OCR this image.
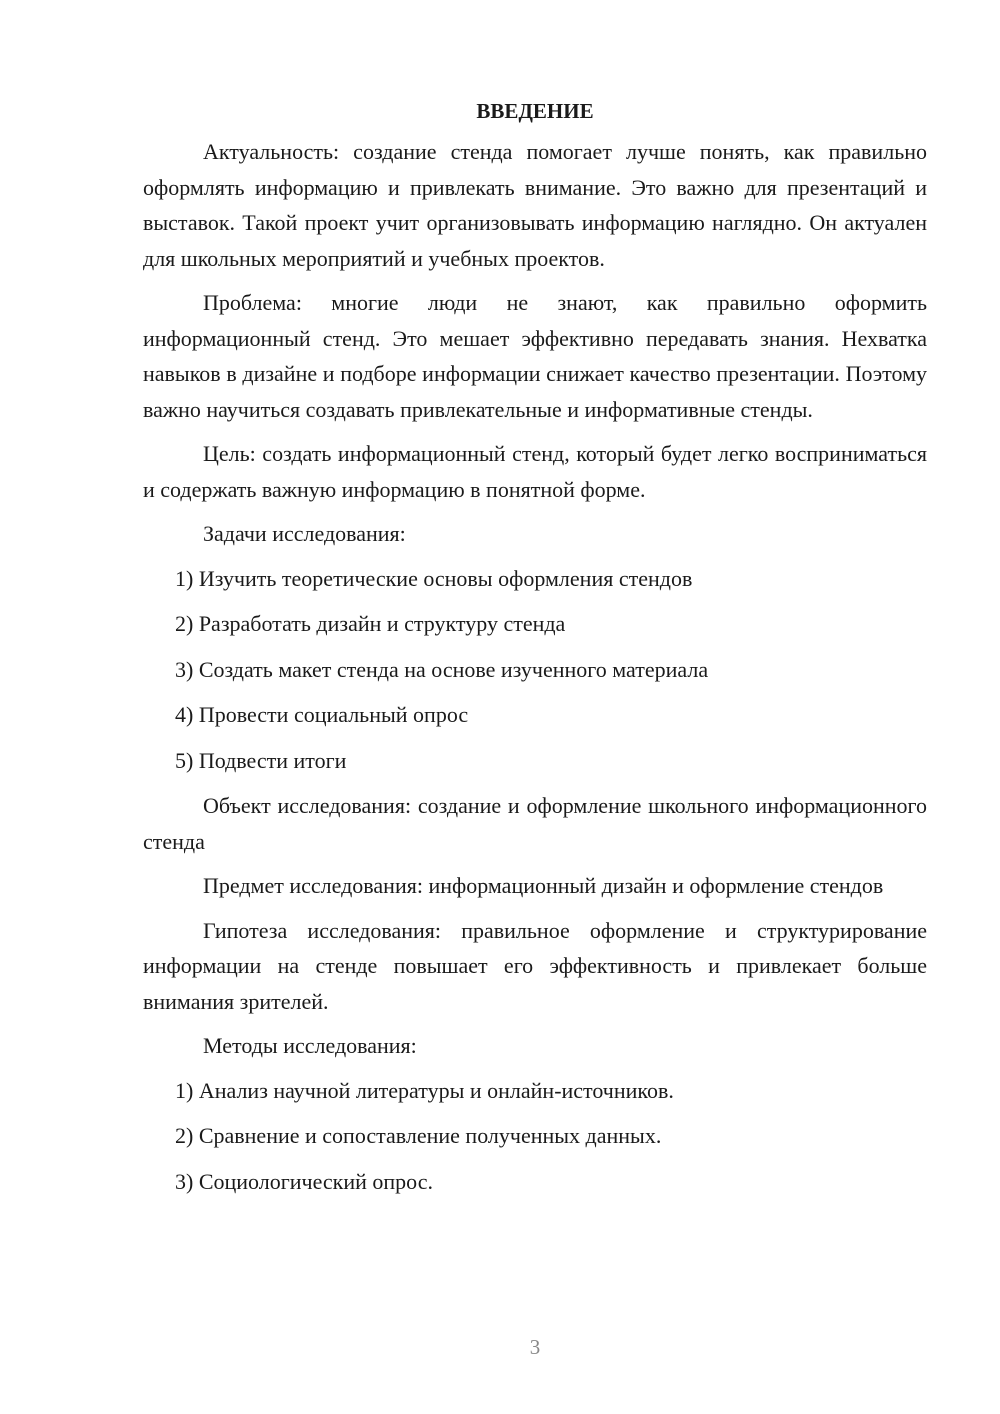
ВВЕДЕНИЕ

Актуальность: создание стенда помогает лучше понять, как правильно оформлять информацию и привлекать внимание. Это важно для презентаций и выставок. Такой проект учит организовывать информацию наглядно. Он актуален для школьных мероприятий и учебных проектов.

Проблема: многие люди не знают, как правильно оформить информационный стенд. Это мешает эффективно передавать знания. Нехватка навыков в дизайне и подборе информации снижает качество презентации. Поэтому важно научиться создавать привлекательные и информативные стенды.

Цель: создать информационный стенд, который будет легко восприниматься и содержать важную информацию в понятной форме.

Задачи исследования:

1) Изучить теоретические основы оформления стендов

2) Разработать дизайн и структуру стенда

3) Создать макет стенда на основе изученного материала

4) Провести социальный опрос

5) Подвести итоги

Объект исследования: создание и оформление школьного информационного стенда

Предмет исследования: информационный дизайн и оформление стендов

Гипотеза исследования: правильное оформление и структурирование информации на стенде повышает его эффективность и привлекает больше внимания зрителей.

Методы исследования:

1) Анализ научной литературы и онлайн-источников.

2) Сравнение и сопоставление полученных данных.

3) Социологический опрос.

3
